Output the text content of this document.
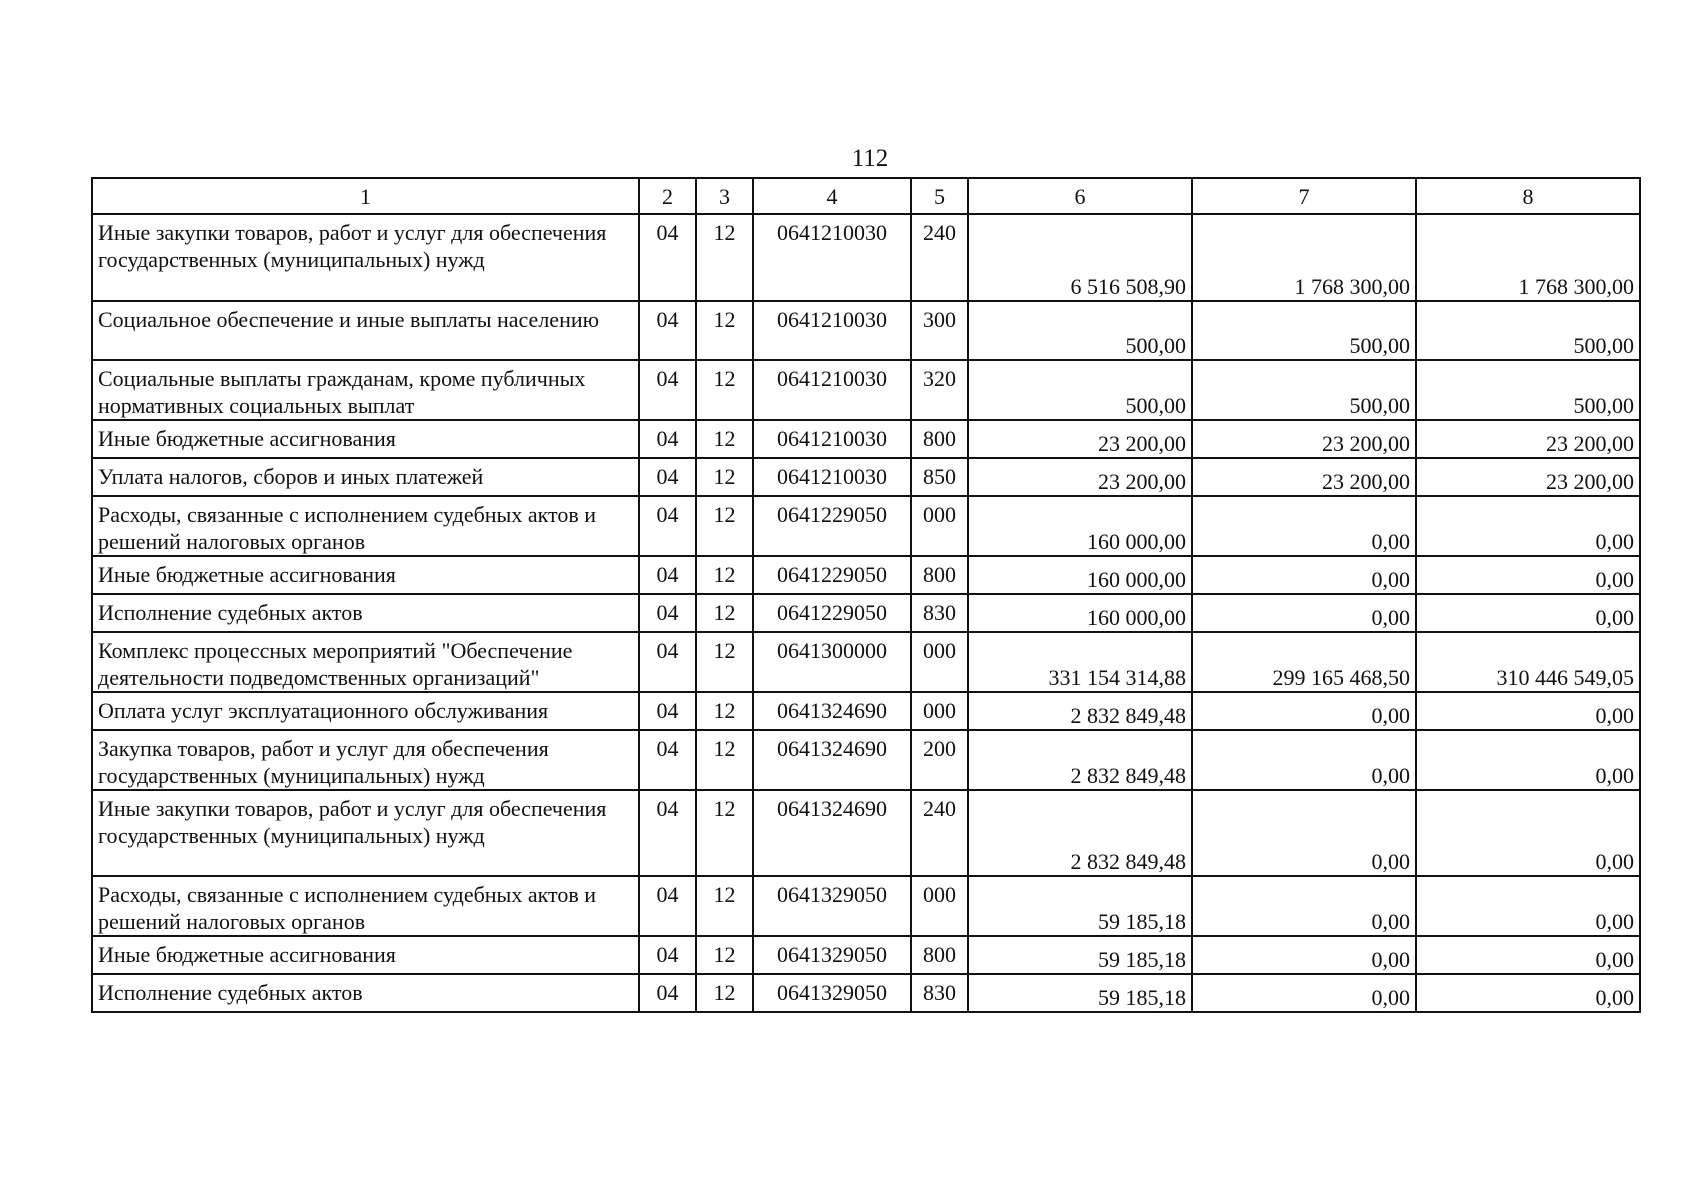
112
1	2	3	4	5	6	7	8
Иные закупки товаров, работ и услуг для обеспечения государственных (муниципальных) нужд	04	12	0641210030	240	6 516 508,90	1 768 300,00	1 768 300,00
Социальное обеспечение и иные выплаты населению	04	12	0641210030	300	500,00	500,00	500,00
Социальные выплаты гражданам, кроме публичных нормативных социальных выплат	04	12	0641210030	320	500,00	500,00	500,00
Иные бюджетные ассигнования	04	12	0641210030	800	23 200,00	23 200,00	23 200,00
Уплата налогов, сборов и иных платежей	04	12	0641210030	850	23 200,00	23 200,00	23 200,00
Расходы, связанные с исполнением судебных актов и решений налоговых органов	04	12	0641229050	000	160 000,00	0,00	0,00
Иные бюджетные ассигнования	04	12	0641229050	800	160 000,00	0,00	0,00
Исполнение судебных актов	04	12	0641229050	830	160 000,00	0,00	0,00
Комплекс процессных мероприятий "Обеспечение деятельности подведомственных организаций"	04	12	0641300000	000	331 154 314,88	299 165 468,50	310 446 549,05
Оплата услуг эксплуатационного обслуживания	04	12	0641324690	000	2 832 849,48	0,00	0,00
Закупка товаров, работ и услуг для обеспечения государственных (муниципальных) нужд	04	12	0641324690	200	2 832 849,48	0,00	0,00
Иные закупки товаров, работ и услуг для обеспечения государственных (муниципальных) нужд	04	12	0641324690	240	2 832 849,48	0,00	0,00
Расходы, связанные с исполнением судебных актов и решений налоговых органов	04	12	0641329050	000	59 185,18	0,00	0,00
Иные бюджетные ассигнования	04	12	0641329050	800	59 185,18	0,00	0,00
Исполнение судебных актов	04	12	0641329050	830	59 185,18	0,00	0,00
